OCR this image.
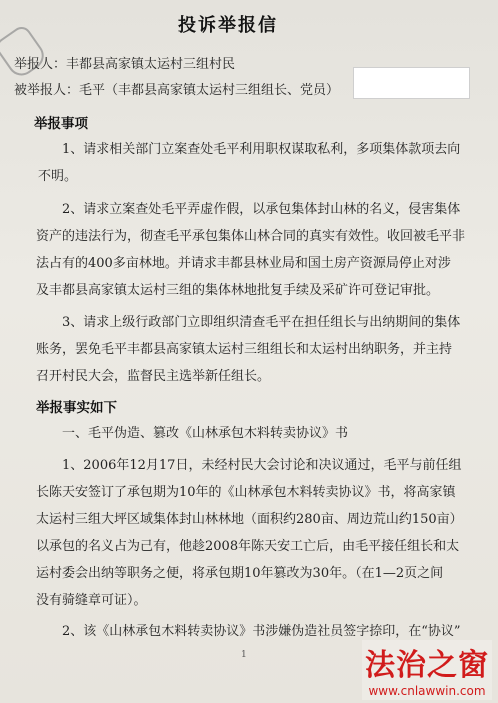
投诉举报信
举报人：丰都县高家镇太运村三组村民
被举报人：毛平（丰都县高家镇太运村三组组长、党员）
举报事项
1、请求相关部门立案查处毛平利用职权谋取私利，多项集体款项去向
不明。
2、请求立案查处毛平弄虚作假，以承包集体封山林的名义，侵害集体
资产的违法行为，彻查毛平承包集体山林合同的真实有效性。收回被毛平非
法占有的400多亩林地。并请求丰都县林业局和国土房产资源局停止对涉
及丰都县高家镇太运村三组的集体林地批复手续及采矿许可登记审批。
3、请求上级行政部门立即组织清查毛平在担任组长与出纳期间的集体
账务，罢免毛平丰都县高家镇太运村三组组长和太运村出纳职务，并主持
召开村民大会，监督民主选举新任组长。
举报事实如下
一、毛平伪造、篡改《山林承包木料转卖协议》书
1、2006年12月17日，未经村民大会讨论和决议通过，毛平与前任组
长陈天安签订了承包期为10年的《山林承包木料转卖协议》书，将高家镇
太运村三组大坪区域集体封山林林地（面积约280亩、周边荒山约150亩）
以承包的名义占为己有，他趁2008年陈天安工亡后，由毛平接任组长和太
运村委会出纳等职务之便，将承包期10年篡改为30年。（在1—2页之间
没有骑缝章可证）。
2、该《山林承包木料转卖协议》书涉嫌伪造社员签字捺印，在“协议”
1	法治之窗
www.cnlawwin.com
